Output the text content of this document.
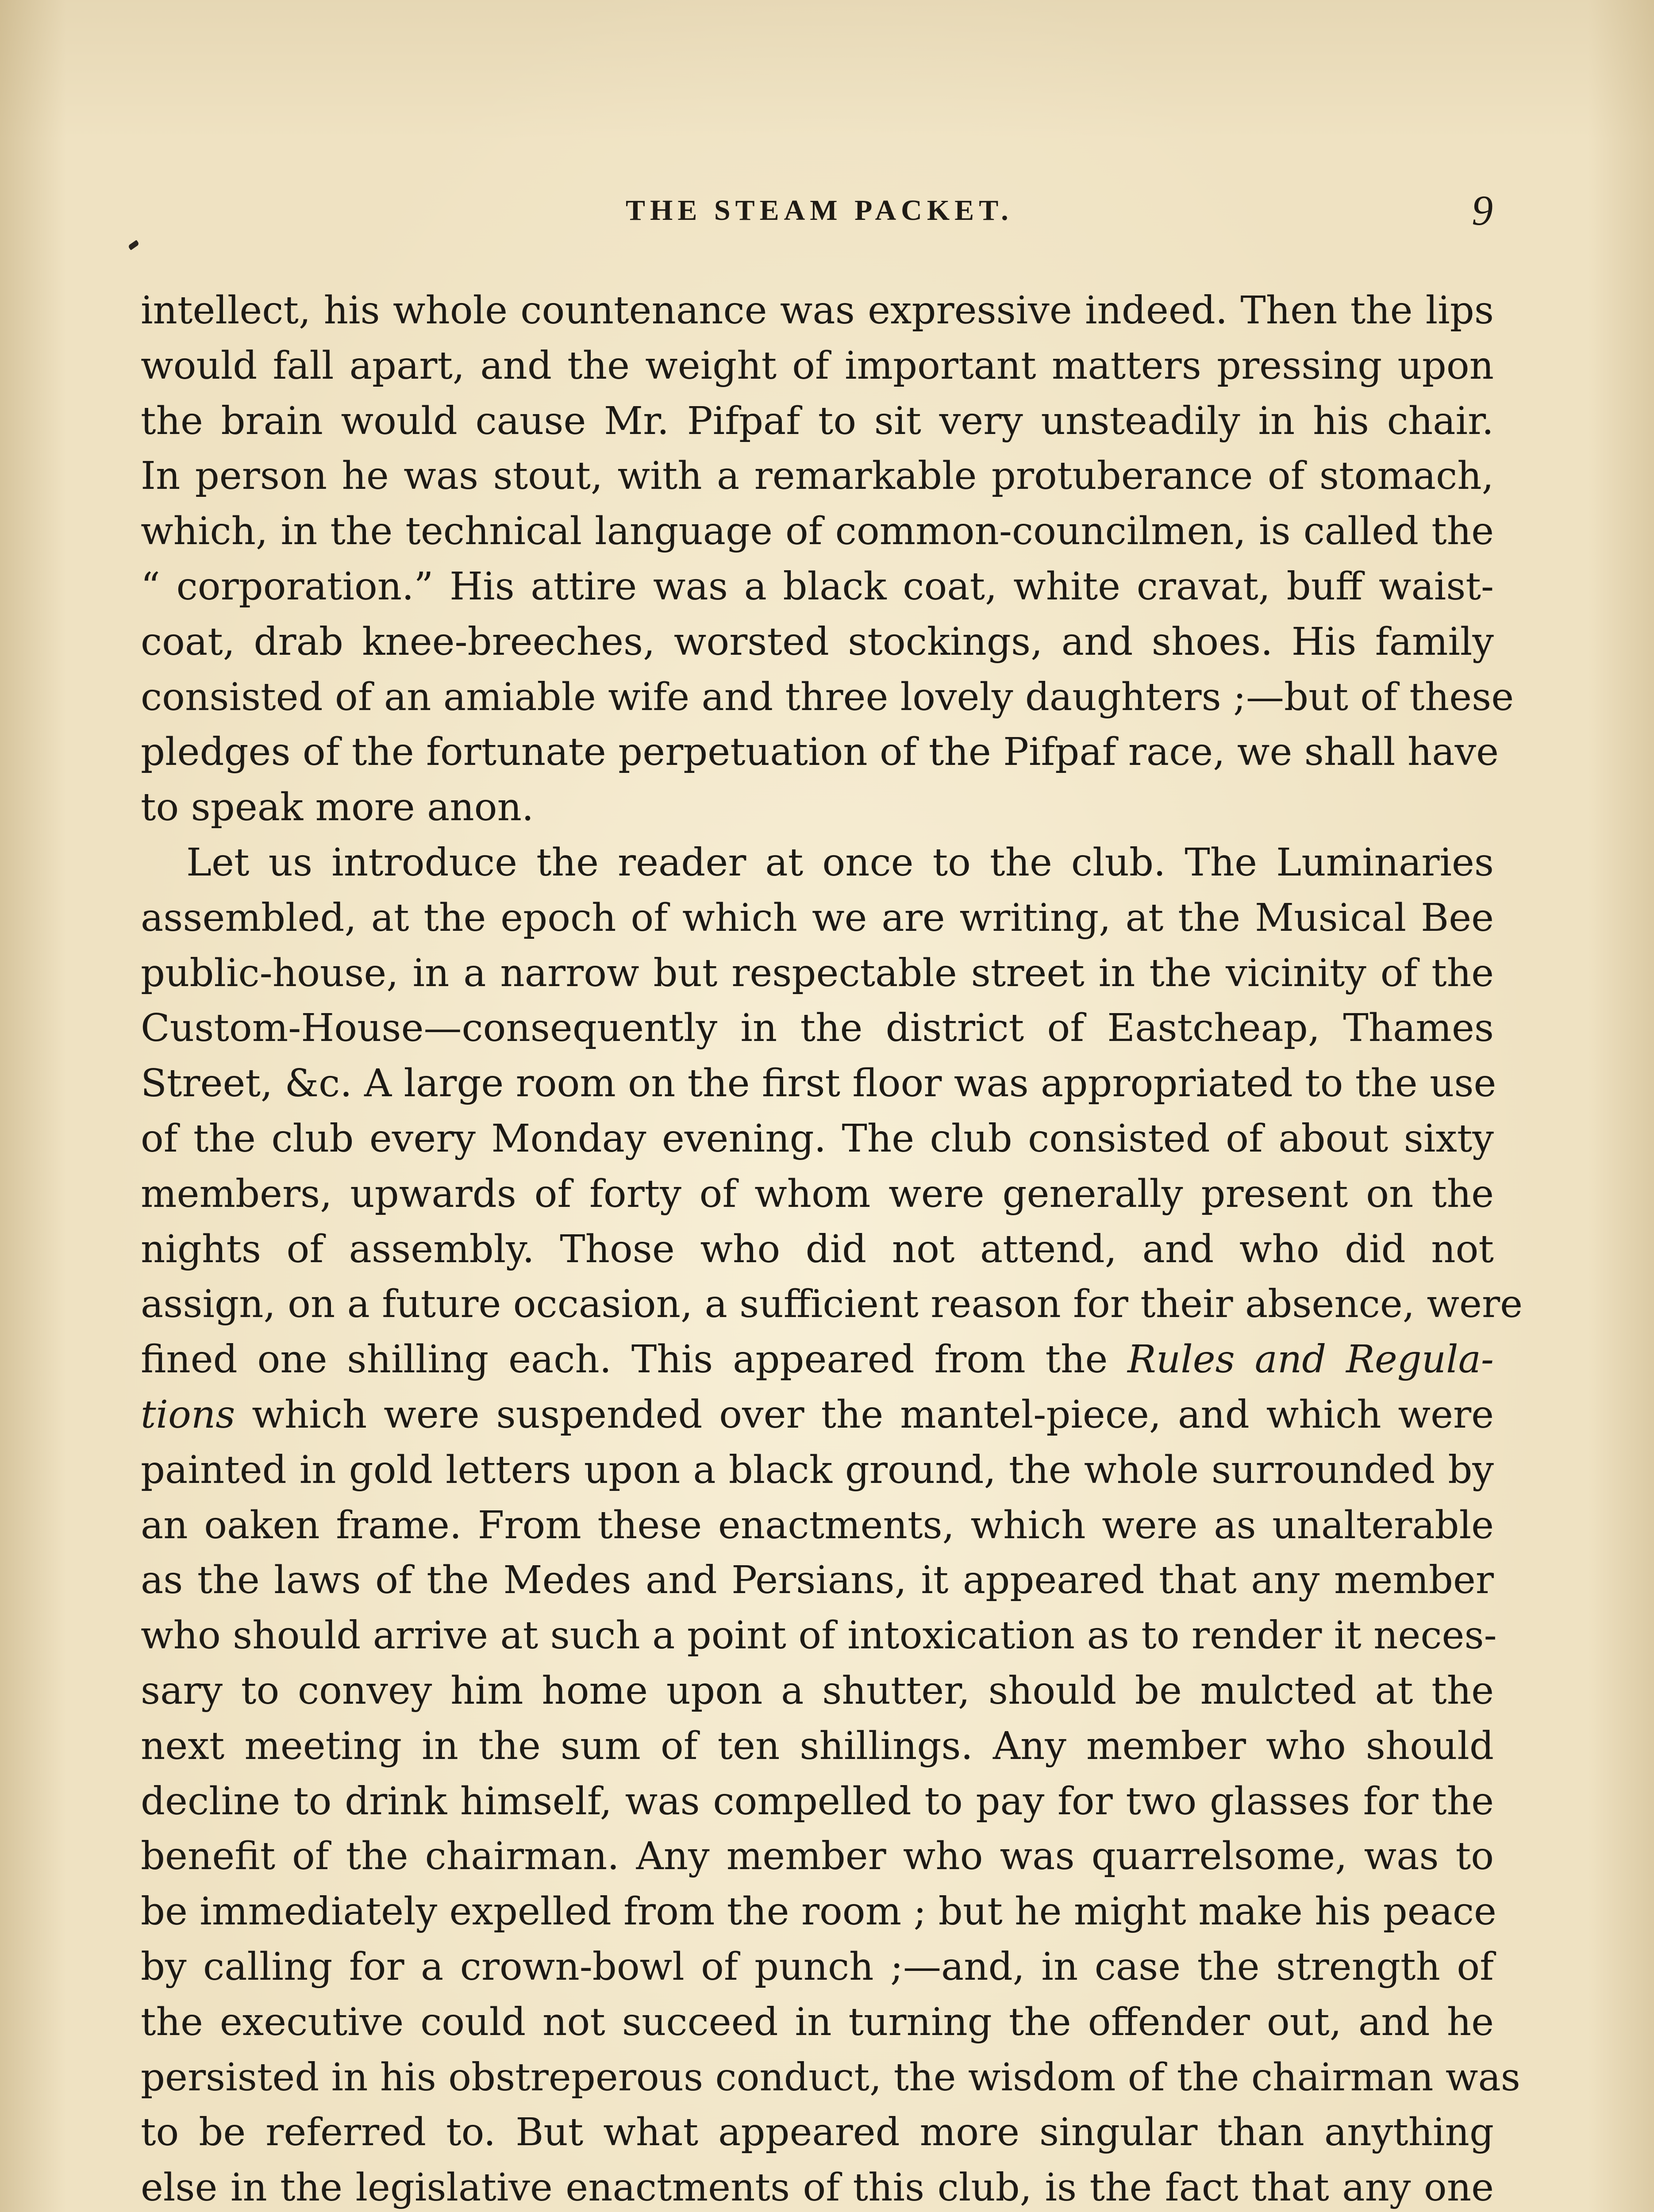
THE STEAM PACKET.	9
intellect, his whole countenance was expressive indeed. Then the lips
would fall apart, and the weight of important matters pressing upon
the brain would cause Mr. Pifpaf to sit very unsteadily in his chair.
In person he was stout, with a remarkable protuberance of stomach,
which, in the technical language of common-councilmen, is called the
“ corporation.” His attire was a black coat, white cravat, buff waist-
coat, drab knee-breeches, worsted stockings, and shoes. His family
consisted of an amiable wife and three lovely daughters ;—but of these
pledges of the fortunate perpetuation of the Pifpaf race, we shall have
to speak more anon.
Let us introduce the reader at once to the club. The Luminaries
assembled, at the epoch of which we are writing, at the Musical Bee
public-house, in a narrow but respectable street in the vicinity of the
Custom-House—consequently in the district of Eastcheap, Thames
Street, &c. A large room on the first floor was appropriated to the use
of the club every Monday evening. The club consisted of about sixty
members, upwards of forty of whom were generally present on the
nights of assembly. Those who did not attend, and who did not
assign, on a future occasion, a sufficient reason for their absence, were
fined one shilling each. This appeared from the Rules and Regula-
tions which were suspended over the mantel-piece, and which were
painted in gold letters upon a black ground, the whole surrounded by
an oaken frame. From these enactments, which were as unalterable
as the laws of the Medes and Persians, it appeared that any member
who should arrive at such a point of intoxication as to render it neces-
sary to convey him home upon a shutter, should be mulcted at the
next meeting in the sum of ten shillings. Any member who should
decline to drink himself, was compelled to pay for two glasses for the
benefit of the chairman. Any member who was quarrelsome, was to
be immediately expelled from the room ; but he might make his peace
by calling for a crown-bowl of punch ;—and, in case the strength of
the executive could not succeed in turning the offender out, and he
persisted in his obstreperous conduct, the wisdom of the chairman was
to be referred to. But what appeared more singular than anything
else in the legislative enactments of this club, is the fact that any one
